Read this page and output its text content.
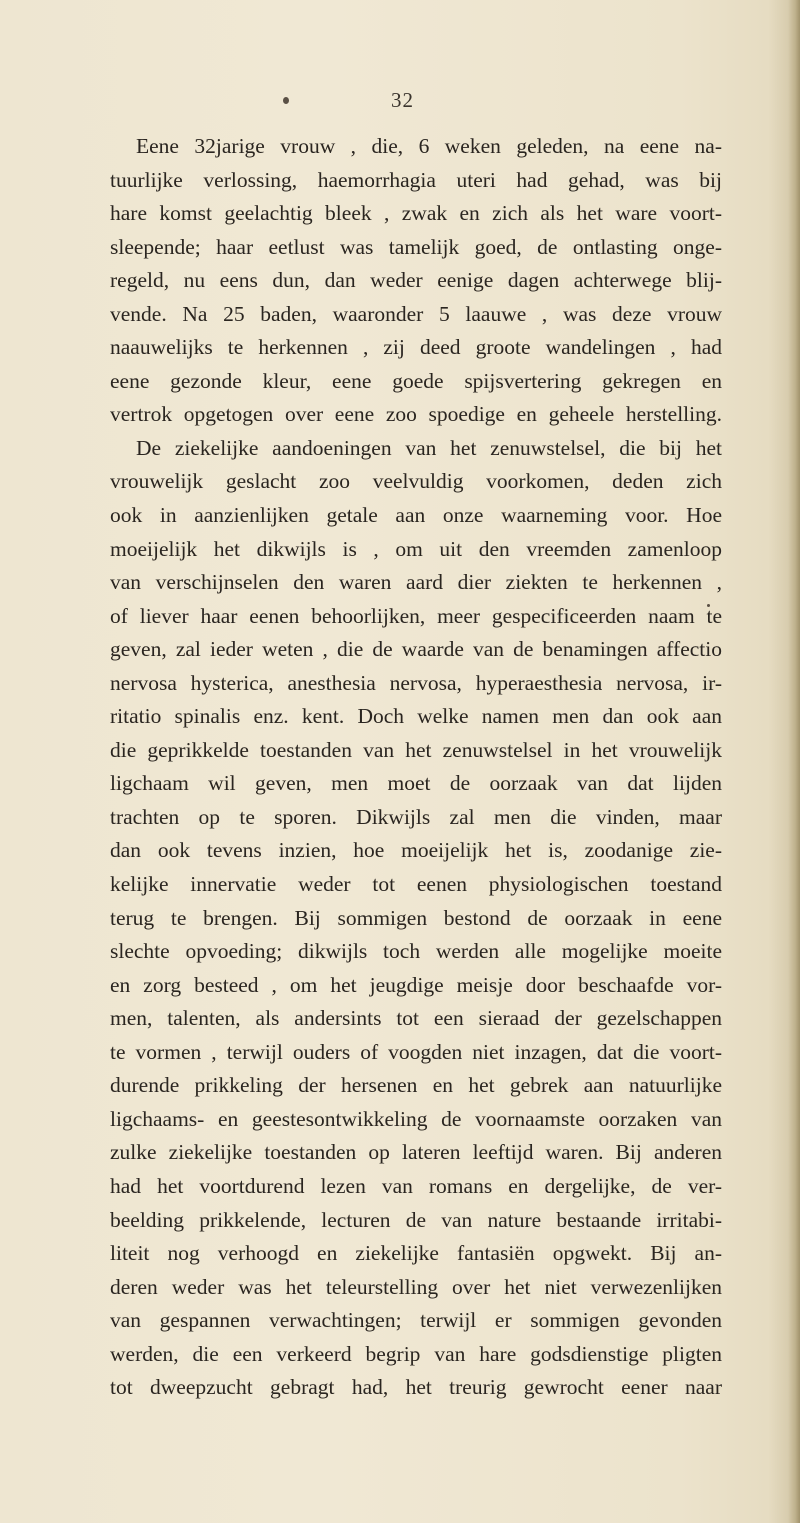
32
Eene 32jarige vrouw , die, 6 weken geleden, na eene na-
tuurlijke verlossing, haemorrhagia uteri had gehad, was bij
hare komst geelachtig bleek , zwak en zich als het ware voort-
sleepende; haar eetlust was tamelijk goed, de ontlasting onge-
regeld, nu eens dun, dan weder eenige dagen achterwege blij-
vende. Na 25 baden, waaronder 5 laauwe , was deze vrouw
naauwelijks te herkennen , zij deed groote wandelingen , had
eene gezonde kleur, eene goede spijsvertering gekregen en
vertrok opgetogen over eene zoo spoedige en geheele herstelling.
De ziekelijke aandoeningen van het zenuwstelsel, die bij het
vrouwelijk geslacht zoo veelvuldig voorkomen, deden zich
ook in aanzienlijken getale aan onze waarneming voor. Hoe
moeijelijk het dikwijls is , om uit den vreemden zamenloop
van verschijnselen den waren aard dier ziekten te herkennen ,
of liever haar eenen behoorlijken, meer gespecificeerden naam te
geven, zal ieder weten , die de waarde van de benamingen affectio
nervosa hysterica, anesthesia nervosa, hyperaesthesia nervosa, ir-
ritatio spinalis enz. kent. Doch welke namen men dan ook aan
die geprikkelde toestanden van het zenuwstelsel in het vrouwelijk
ligchaam wil geven, men moet de oorzaak van dat lijden
trachten op te sporen. Dikwijls zal men die vinden, maar
dan ook tevens inzien, hoe moeijelijk het is, zoodanige zie-
kelijke innervatie weder tot eenen physiologischen toestand
terug te brengen. Bij sommigen bestond de oorzaak in eene
slechte opvoeding; dikwijls toch werden alle mogelijke moeite
en zorg besteed , om het jeugdige meisje door beschaafde vor-
men, talenten, als andersints tot een sieraad der gezelschappen
te vormen , terwijl ouders of voogden niet inzagen, dat die voort-
durende prikkeling der hersenen en het gebrek aan natuurlijke
ligchaams- en geestesontwikkeling de voornaamste oorzaken van
zulke ziekelijke toestanden op lateren leeftijd waren. Bij anderen
had het voortdurend lezen van romans en dergelijke, de ver-
beelding prikkelende, lecturen de van nature bestaande irritabi-
liteit nog verhoogd en ziekelijke fantasiën opgwekt. Bij an-
deren weder was het teleurstelling over het niet verwezenlijken
van gespannen verwachtingen; terwijl er sommigen gevonden
werden, die een verkeerd begrip van hare godsdienstige pligten
tot dweepzucht gebragt had, het treurig gewrocht eener naar
